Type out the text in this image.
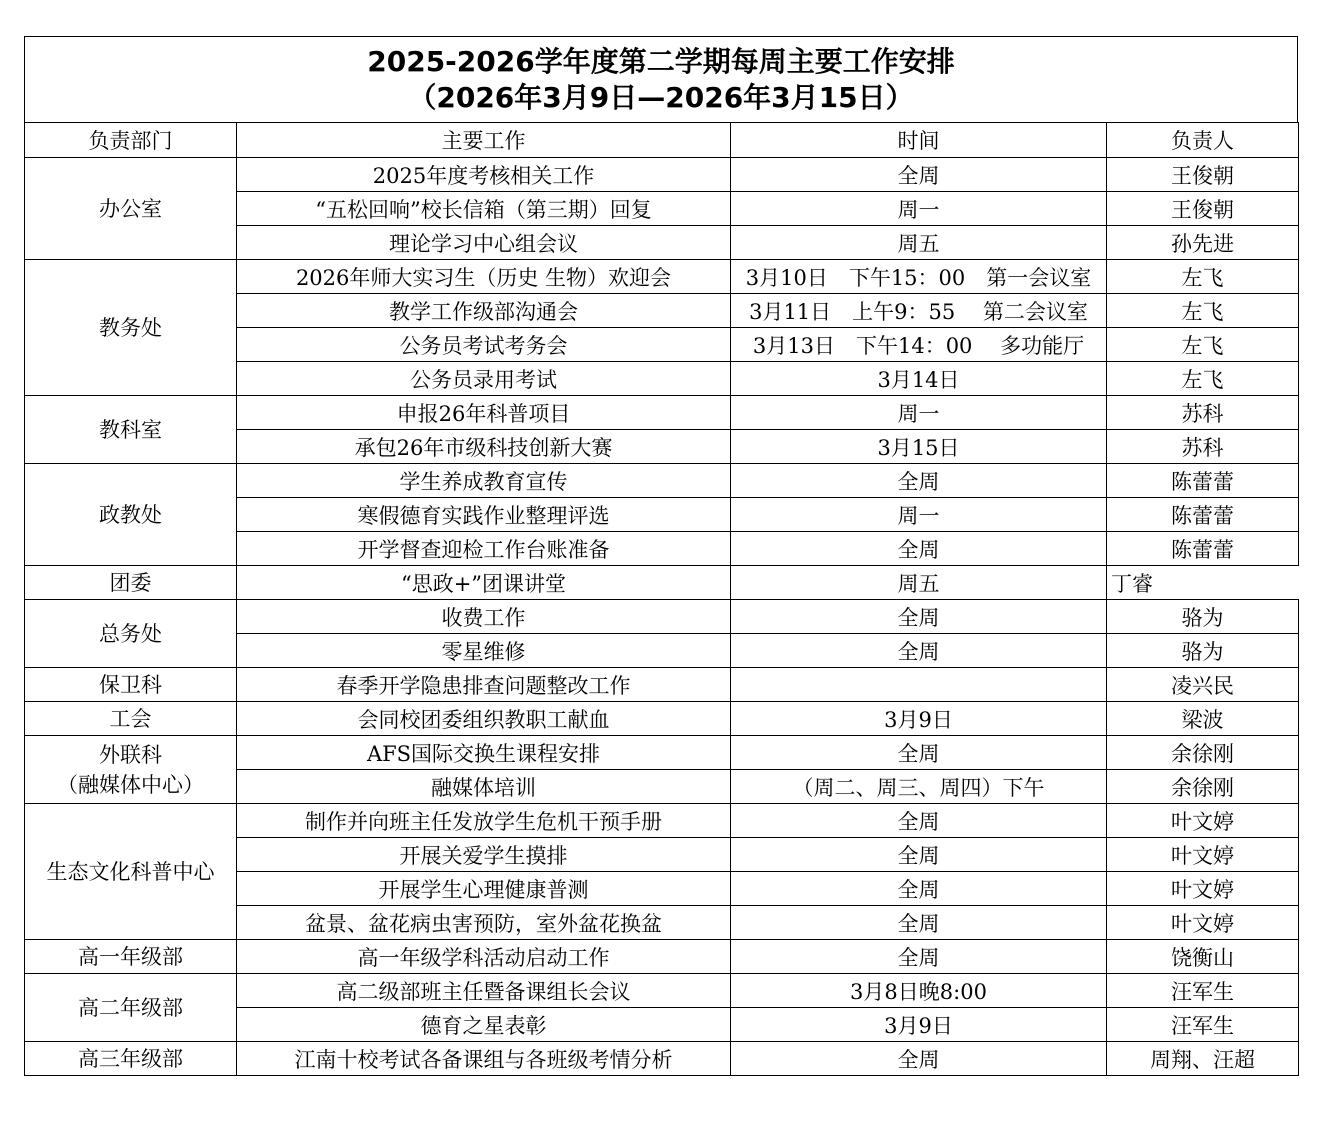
2025-2026学年度第二学期每周主要工作安排
（2026年3月9日—2026年3月15日）
负责部门	主要工作	时间	负责人
办公室	2025年度考核相关工作	全周	王俊朝
	“五松回响”校长信箱（第三期）回复	周一	王俊朝
	理论学习中心组会议	周五	孙先进
教务处	2026年师大实习生（历史 生物）欢迎会	3月10日　下午15：00　第一会议室	左飞
	教学工作级部沟通会	3月11日　上午9：55　 第二会议室	左飞
	公务员考试考务会	3月13日　下午14：00　 多功能厅	左飞
	公务员录用考试	3月14日	左飞
教科室	申报26年科普项目	周一	苏科
	承包26年市级科技创新大赛	3月15日	苏科
政教处	学生养成教育宣传	全周	陈蕾蕾
	寒假德育实践作业整理评选	周一	陈蕾蕾
	开学督查迎检工作台账准备	全周	陈蕾蕾
团委	“思政+”团课讲堂	周五	丁睿
总务处	收费工作	全周	骆为
	零星维修	全周	骆为
保卫科	春季开学隐患排查问题整改工作		凌兴民
工会	会同校团委组织教职工献血	3月9日	梁波
外联科
（融媒体中心）	AFS国际交换生课程安排	全周	余徐刚
	融媒体培训	（周二、周三、周四）下午	余徐刚
生态文化科普中心	制作并向班主任发放学生危机干预手册	全周	叶文婷
	开展关爱学生摸排	全周	叶文婷
	开展学生心理健康普测	全周	叶文婷
	盆景、盆花病虫害预防，室外盆花换盆	全周	叶文婷
高一年级部	高一年级学科活动启动工作	全周	饶衡山
高二年级部	高二级部班主任暨备课组长会议	3月8日晚8:00	汪军生
	德育之星表彰	3月9日	汪军生
高三年级部	江南十校考试各备课组与各班级考情分析	全周	周翔、汪超
